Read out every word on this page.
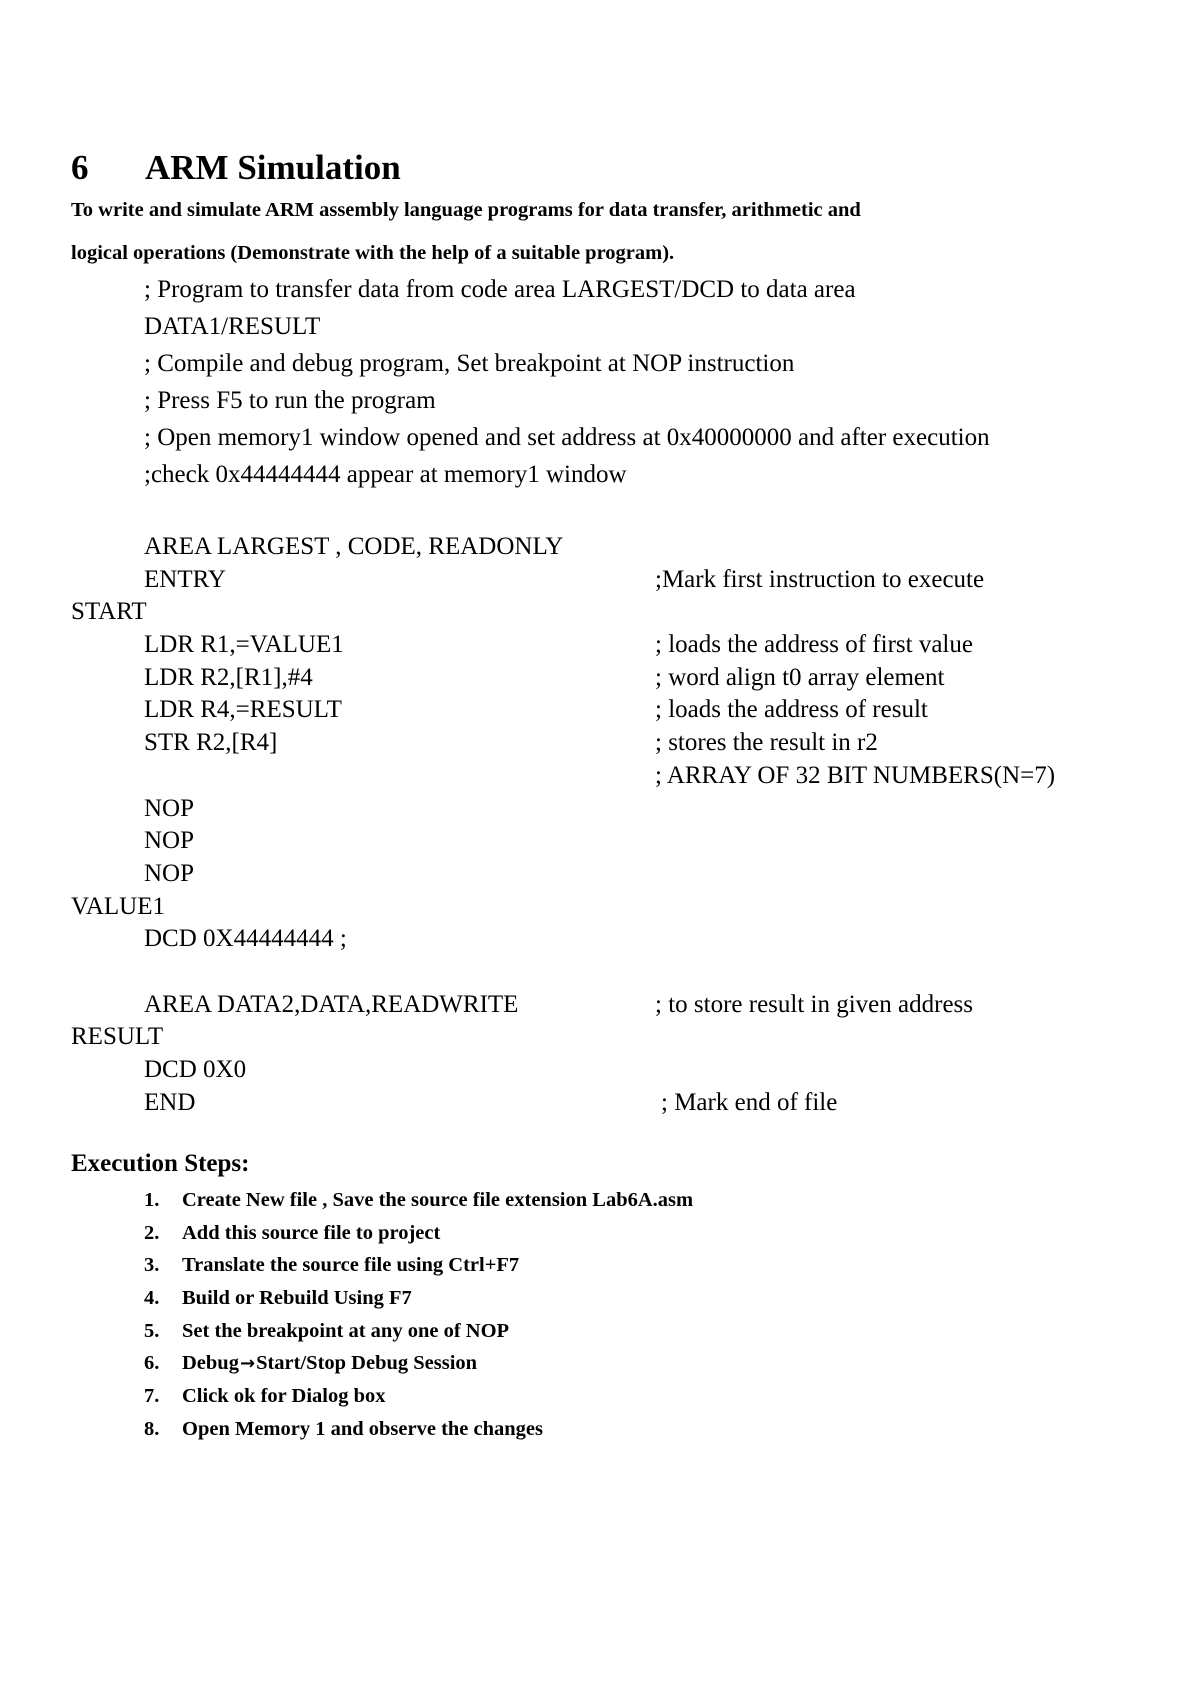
6 ARM Simulation
To write and simulate ARM assembly language programs for data transfer, arithmetic and
logical operations (Demonstrate with the help of a suitable program).
; Program to transfer data from code area LARGEST/DCD to data area
DATA1/RESULT
; Compile and debug program, Set breakpoint at NOP instruction
; Press F5 to run the program
; Open memory1 window opened and set address at 0x40000000 and after execution
;check 0x44444444 appear at memory1 window
AREA LARGEST , CODE, READONLY
ENTRY	;Mark first instruction to execute
START
LDR R1,=VALUE1	; loads the address of first value
LDR R2,[R1],#4	; word align t0 array element
LDR R4,=RESULT	; loads the address of result
STR R2,[R4]	; stores the result in r2
; ARRAY OF 32 BIT NUMBERS(N=7)
NOP
NOP
NOP
VALUE1
DCD 0X44444444 ;
AREA DATA2,DATA,READWRITE	; to store result in given address
RESULT
DCD 0X0
END	; Mark end of file
Execution Steps:
1. Create New file , Save the source file extension Lab6A.asm
2. Add this source file to project
3. Translate the source file using Ctrl+F7
4. Build or Rebuild Using F7
5. Set the breakpoint at any one of NOP
6. Debug→Start/Stop Debug Session
7. Click ok for Dialog box
8. Open Memory 1 and observe the changes
